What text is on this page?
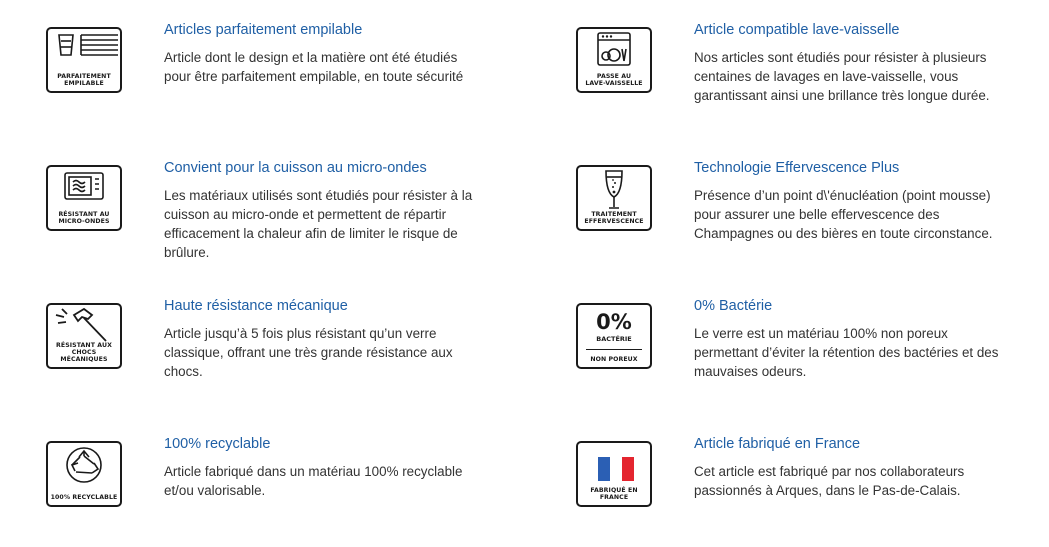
PARFAITEMENT
EMPILABLE
Articles parfaitement empilable
Article dont le design et la matière ont été étudiés pour être parfaitement empilable, en toute sécurité	PASSE AU
LAVE-VAISSELLE
Article compatible lave-vaisselle
Nos articles sont étudiés pour résister à plusieurs centaines de lavages en lave-vaisselle, vous garantissant ainsi une brillance très longue durée.
RÉSISTANT AU
MICRO-ONDES
Convient pour la cuisson au micro-ondes
Les matériaux utilisés sont étudiés pour résister à la cuisson au micro-onde et permettent de répartir efficacement la chaleur afin de limiter le risque de brûlure.
TRAITEMENT
EFFERVESCENCE
Technologie Effervescence Plus
Présence d’un point d\'énucléation (point mousse) pour assurer une belle effervescence des Champagnes ou des bières en toute circonstance.
RÉSISTANT AUX
CHOCS MÉCANIQUES
Haute résistance mécanique
Article jusqu’à 5 fois plus résistant qu’un verre classique, offrant une très grande résistance aux chocs.
0%
BACTÉRIE
NON POREUX
0% Bactérie
Le verre est un matériau 100% non poreux permettant d’éviter la rétention des bactéries et des mauvaises odeurs.
100% RECYCLABLE
100% recyclable
Article fabriqué dans un matériau 100% recyclable et/ou valorisable.	FABRIQUÉ EN FRANCE
Article fabriqué en France
Cet article est fabriqué par nos collaborateurs passionnés à Arques, dans le Pas-de-Calais.
